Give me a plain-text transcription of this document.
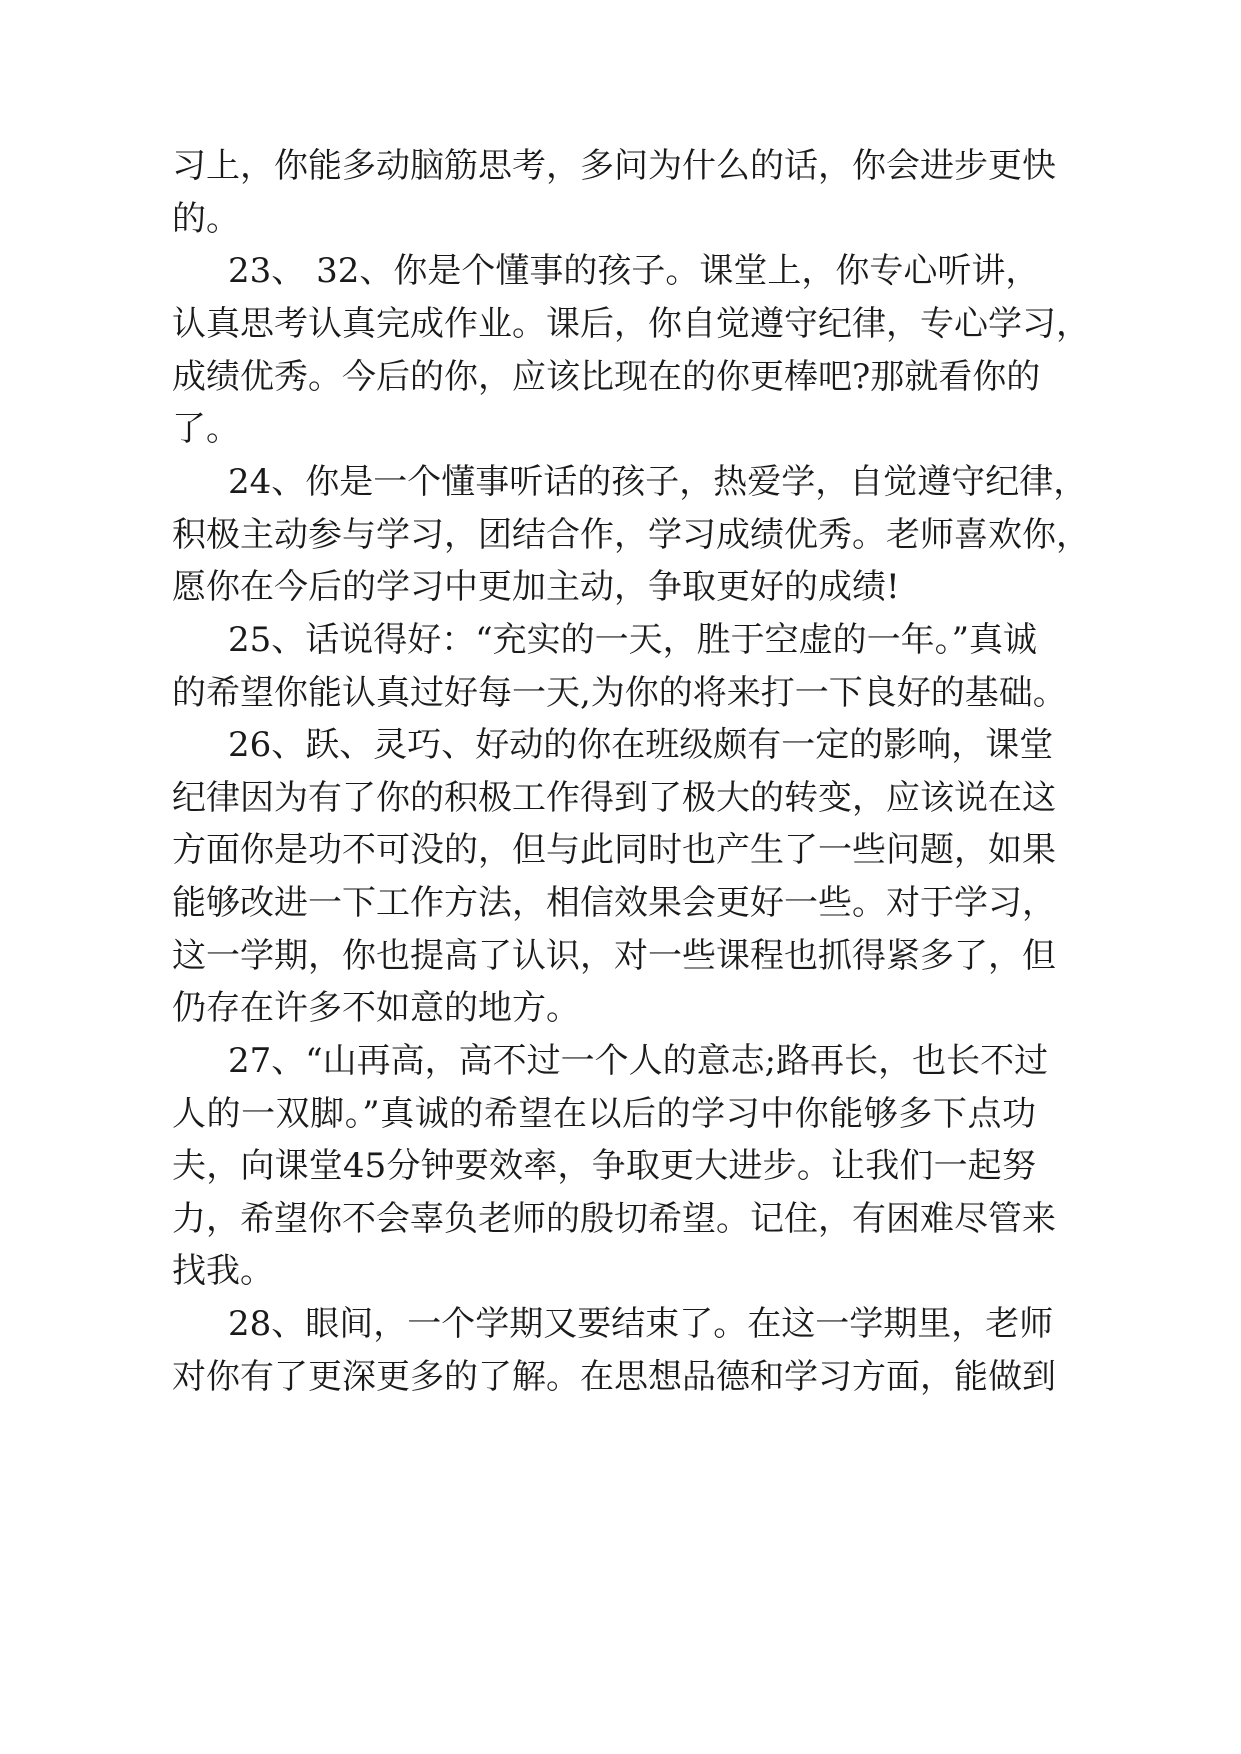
习上，你能多动脑筋思考，多问为什么的话，你会进步更快

的。

23、 32、你是个懂事的孩子。课堂上，你专心听讲，

认真思考认真完成作业。课后，你自觉遵守纪律，专心学习，

成绩优秀。今后的你，应该比现在的你更棒吧?那就看你的

了。

24、你是一个懂事听话的孩子，热爱学，自觉遵守纪律，

积极主动参与学习，团结合作，学习成绩优秀。老师喜欢你，

愿你在今后的学习中更加主动，争取更好的成绩!

25、话说得好：“充实的一天，胜于空虚的一年。”真诚

的希望你能认真过好每一天,为你的将来打一下良好的基础。

26、跃、灵巧、好动的你在班级颇有一定的影响，课堂

纪律因为有了你的积极工作得到了极大的转变，应该说在这

方面你是功不可没的，但与此同时也产生了一些问题，如果

能够改进一下工作方法，相信效果会更好一些。对于学习，

这一学期，你也提高了认识，对一些课程也抓得紧多了，但

仍存在许多不如意的地方。

27、“山再高，高不过一个人的意志;路再长，也长不过

人的一双脚。”真诚的希望在以后的学习中你能够多下点功

夫，向课堂45分钟要效率，争取更大进步。让我们一起努

力，希望你不会辜负老师的殷切希望。记住，有困难尽管来

找我。

28、眼间，一个学期又要结束了。在这一学期里，老师

对你有了更深更多的了解。在思想品德和学习方面，能做到
